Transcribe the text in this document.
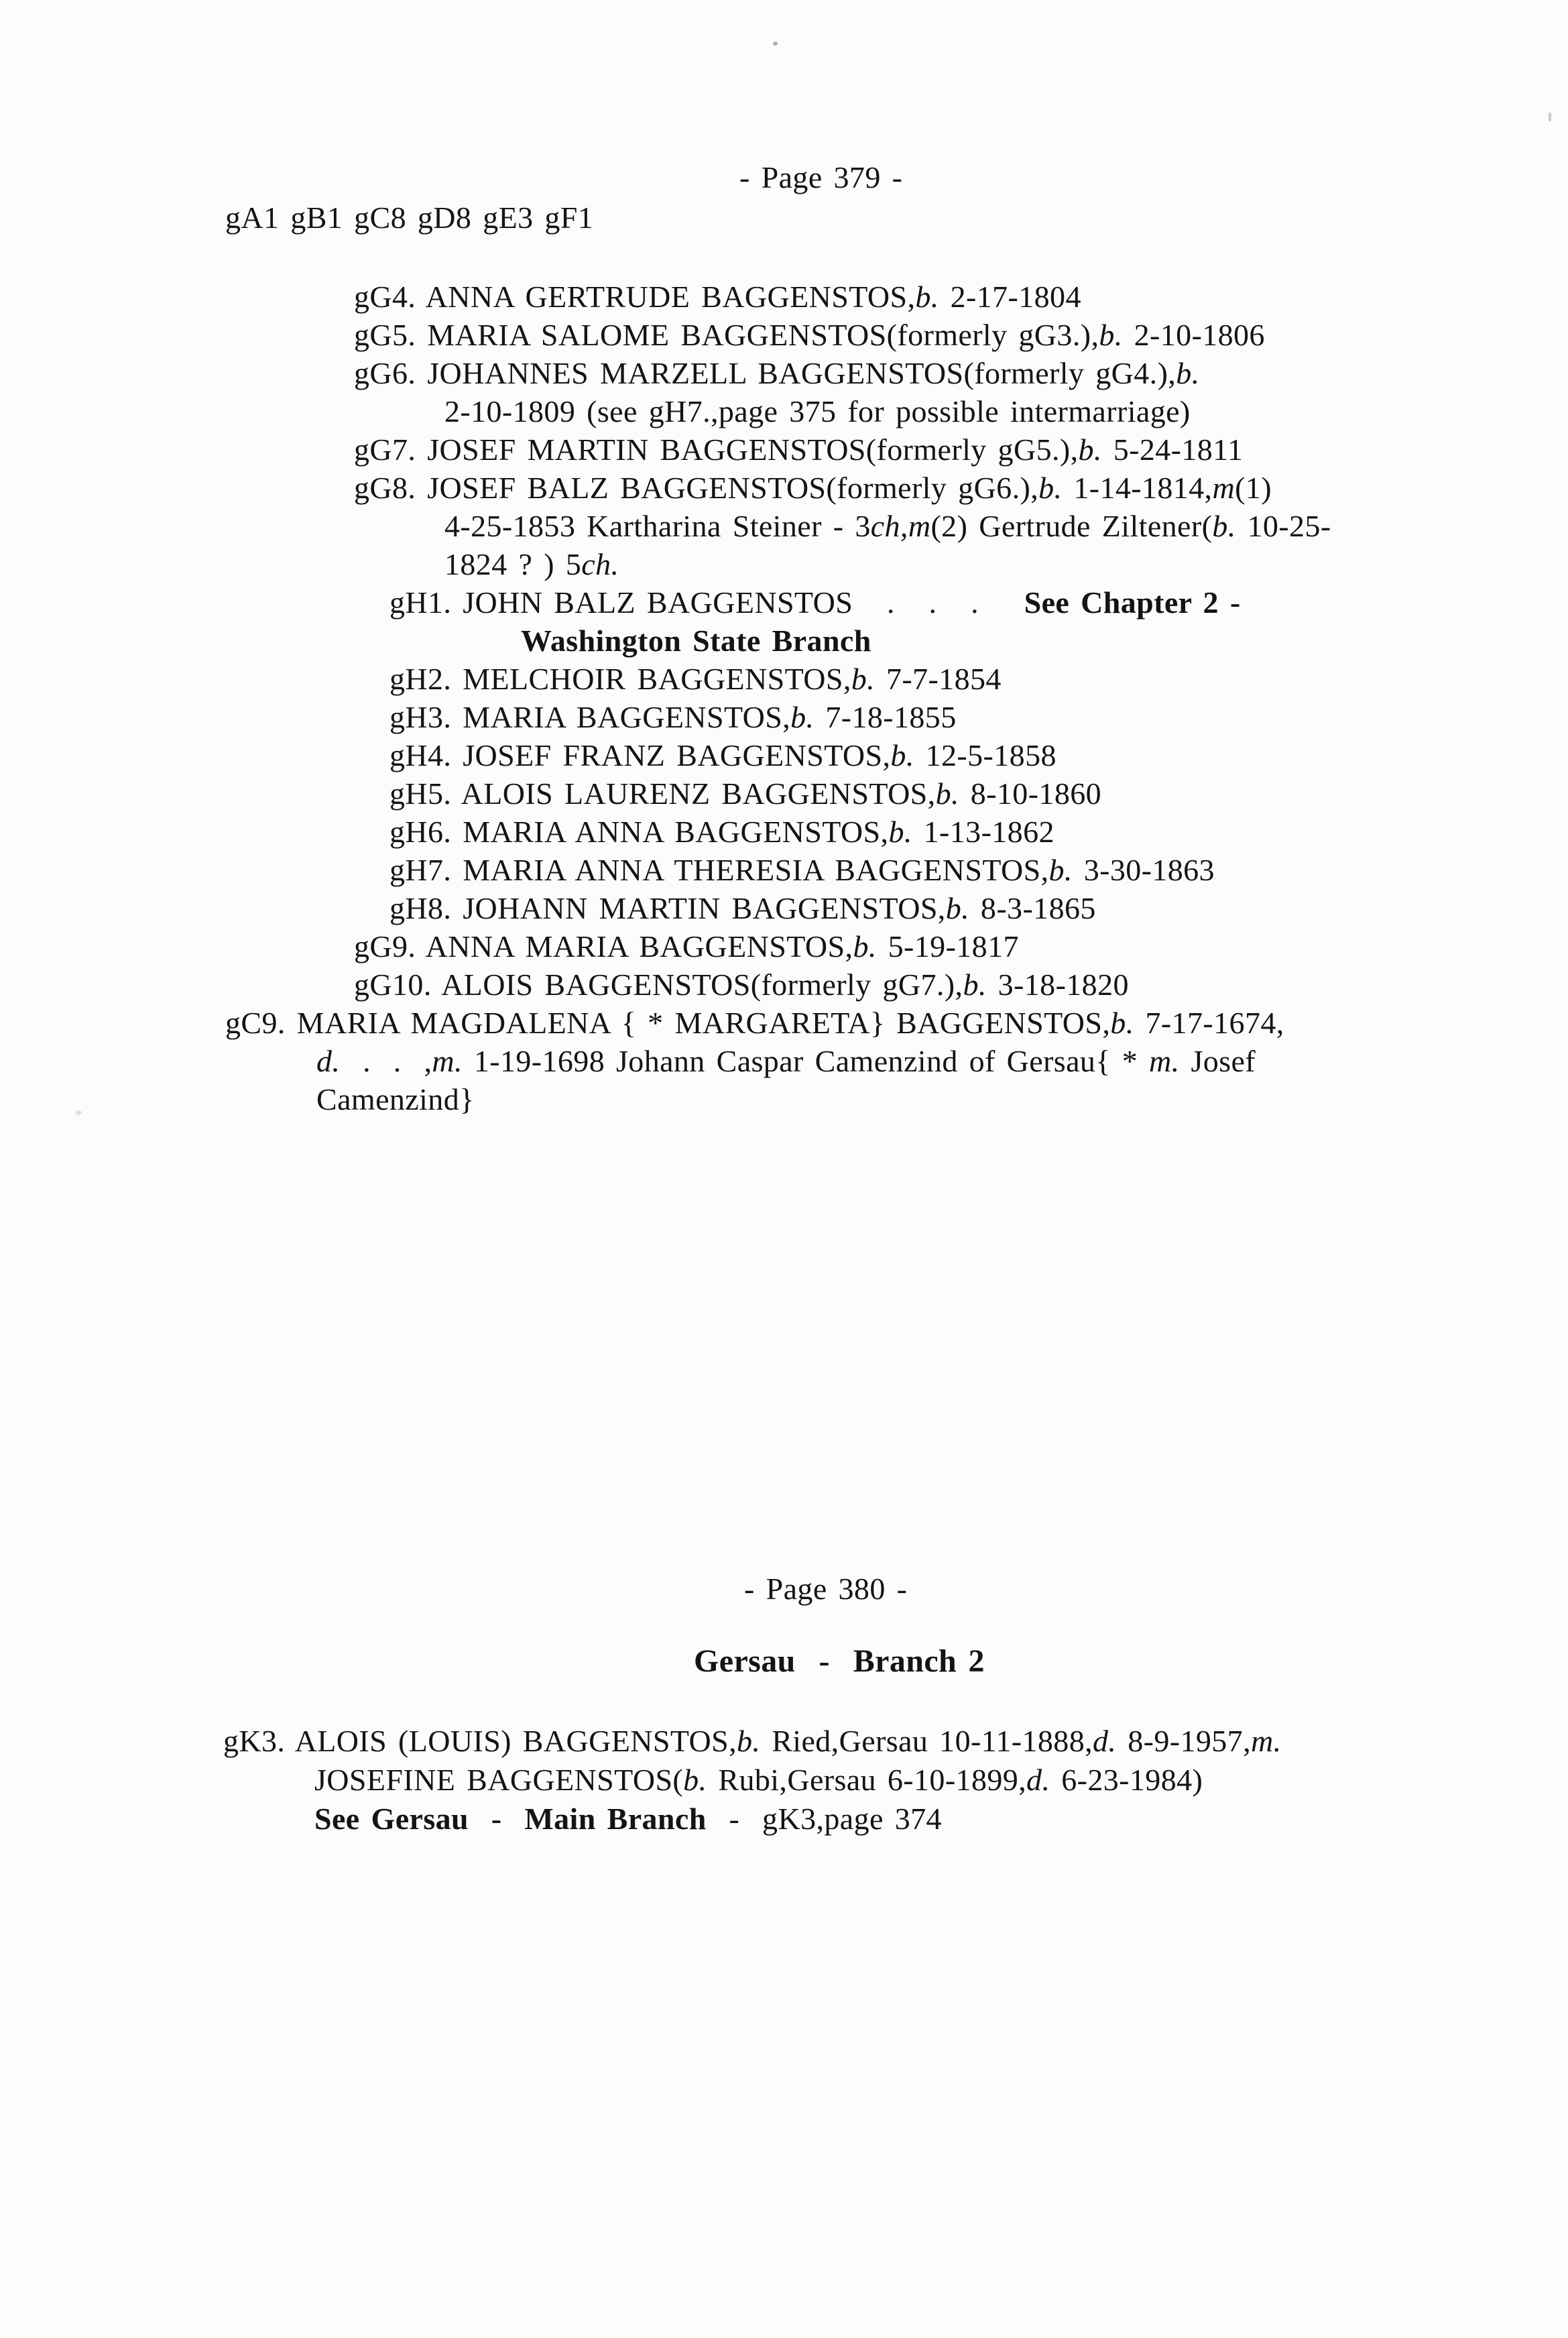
- Page 379 -
gA1 gB1 gC8 gD8 gE3 gF1
gG4. ANNA GERTRUDE BAGGENSTOS,b. 2-17-1804
gG5. MARIA SALOME BAGGENSTOS(formerly gG3.),b. 2-10-1806
gG6. JOHANNES MARZELL BAGGENSTOS(formerly gG4.),b.
2-10-1809 (see gH7.,page 375 for possible intermarriage)
gG7. JOSEF MARTIN BAGGENSTOS(formerly gG5.),b. 5-24-1811
gG8. JOSEF BALZ BAGGENSTOS(formerly gG6.),b. 1-14-1814,m(1)
4-25-1853 Kartharina Steiner - 3ch,m(2) Gertrude Ziltener(b. 10-25-
1824 ? ) 5ch.
gH1. JOHN BALZ BAGGENSTOS   .   .   .    See Chapter 2 -
Washington State Branch
gH2. MELCHOIR BAGGENSTOS,b. 7-7-1854
gH3. MARIA BAGGENSTOS,b. 7-18-1855
gH4. JOSEF FRANZ BAGGENSTOS,b. 12-5-1858
gH5. ALOIS LAURENZ BAGGENSTOS,b. 8-10-1860
gH6. MARIA ANNA BAGGENSTOS,b. 1-13-1862
gH7. MARIA ANNA THERESIA BAGGENSTOS,b. 3-30-1863
gH8. JOHANN MARTIN BAGGENSTOS,b. 8-3-1865
gG9. ANNA MARIA BAGGENSTOS,b. 5-19-1817
gG10. ALOIS BAGGENSTOS(formerly gG7.),b. 3-18-1820
gC9. MARIA MAGDALENA { * MARGARETA} BAGGENSTOS,b. 7-17-1674,
d.  .  .  ,m. 1-19-1698 Johann Caspar Camenzind of Gersau{ * m. Josef
Camenzind}
- Page 380 -
Gersau  -  Branch 2
gK3. ALOIS (LOUIS) BAGGENSTOS,b. Ried,Gersau 10-11-1888,d. 8-9-1957,m.
JOSEFINE BAGGENSTOS(b. Rubi,Gersau 6-10-1899,d. 6-23-1984)
See Gersau  -  Main Branch  -  gK3,page 374
